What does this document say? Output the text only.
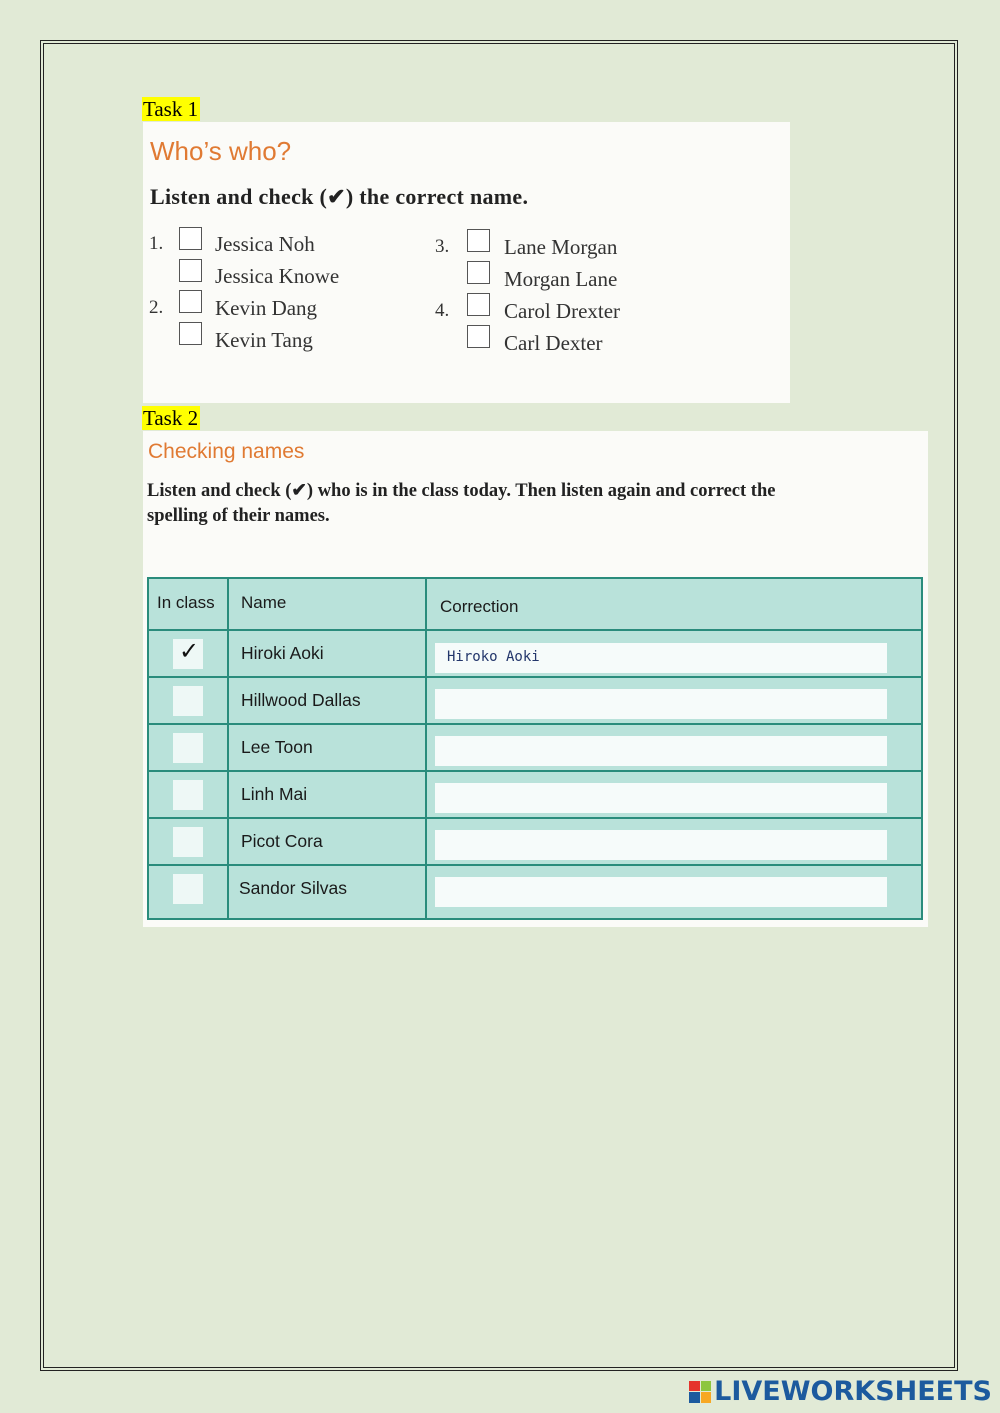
Task 1
Who’s who?
Listen and check (✔) the correct name.
1. Jessica Noh
Jessica Knowe
2. Kevin Dang
Kevin Tang
3.	Lane Morgan
Morgan Lane
4.	Carol Drexter
Carl Dexter
Task 2
Checking names
Listen and check (✔) who is in the class today. Then listen again and correct the spelling of their names.
In class Name	Correction
✓ Hiroki Aoki	Hiroko Aoki
Hillwood Dallas
Lee Toon
Linh Mai
Picot Cora
Sandor Silvas
LIVEWORKSHEETS
